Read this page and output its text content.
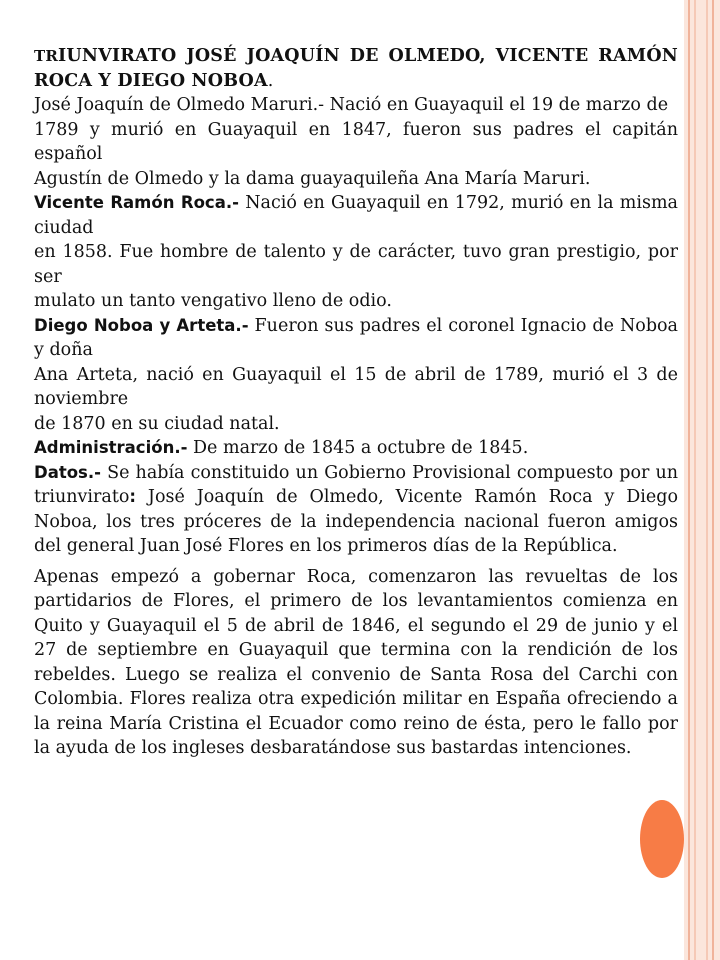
TRIUNVIRATO JOSÉ JOAQUÍN DE OLMEDO, VICENTE RAMÓN ROCA Y DIEGO NOBOA.

José Joaquín de Olmedo Maruri.- Nació en Guayaquil el 19 de marzo de

1789 y murió en Guayaquil en 1847, fueron sus padres el capitán español

Agustín de Olmedo y la dama guayaquileña Ana María Maruri.

Vicente Ramón Roca.- Nació en Guayaquil en 1792, murió en la misma ciudad

en 1858. Fue hombre de talento y de carácter, tuvo gran prestigio, por ser

mulato un tanto vengativo lleno de odio.

Diego Noboa y Arteta.- Fueron sus padres el coronel Ignacio de Noboa y doña

Ana Arteta, nació en Guayaquil el 15 de abril de 1789, murió el 3 de noviembre

de 1870 en su ciudad natal.

Administración.- De marzo de 1845 a octubre de 1845.

Datos.- Se había constituido un Gobierno Provisional compuesto por un triunvirato: José Joaquín de Olmedo, Vicente Ramón Roca y Diego Noboa, los tres próceres de la independencia nacional fueron amigos del general Juan José Flores en los primeros días de la República.

Apenas empezó a gobernar Roca, comenzaron las revueltas de los partidarios de Flores, el primero de los levantamientos comienza en Quito y Guayaquil el 5 de abril de 1846, el segundo el 29 de junio y el 27 de septiembre en Guayaquil que termina con la rendición de los rebeldes. Luego se realiza el convenio de Santa Rosa del Carchi con Colombia. Flores realiza otra expedición militar en España ofreciendo a la reina María Cristina el Ecuador como reino de ésta, pero le fallo por la ayuda de los ingleses desbaratándose sus bastardas intenciones.
